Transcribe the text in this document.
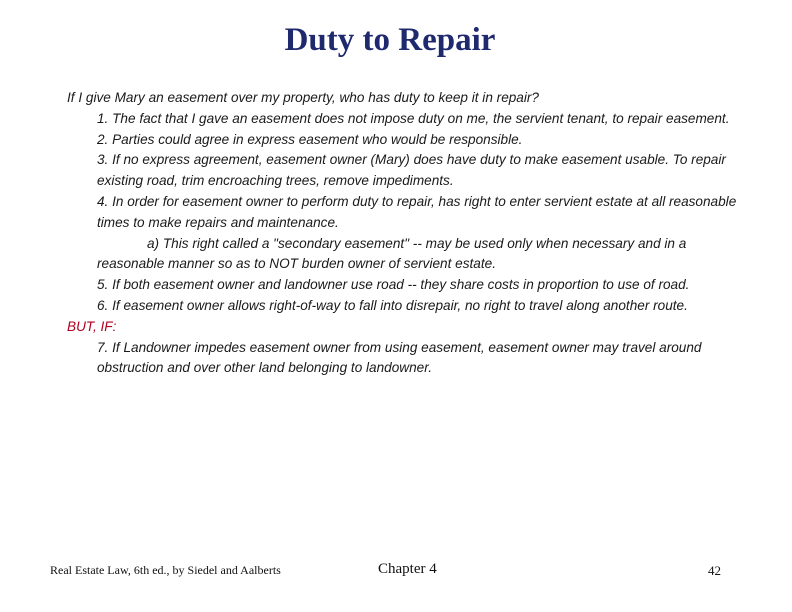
Duty to Repair

If I give Mary an easement over my property, who has duty to keep it in repair?

1. The fact that I gave an easement does not impose duty on me, the servient tenant, to repair easement.

2. Parties could agree in express easement who would be responsible.

3. If no express agreement, easement owner (Mary) does have duty to make easement usable. To repair existing road, trim encroaching trees, remove impediments.

4. In order for easement owner to perform duty to repair, has right to enter servient estate at all reasonable times to make repairs and maintenance.

a) This right called a "secondary easement" -- may be used only when necessary and in a reasonable manner so as to NOT burden owner of servient estate.

5. If both easement owner and landowner use road -- they share costs in proportion to use of road.

6. If easement owner allows right-of-way to fall into disrepair, no right to travel along another route.

BUT, IF:

7. If Landowner impedes easement owner from using easement, easement owner may travel around obstruction and over other land belonging to landowner.

Real Estate Law, 6th ed., by Siedel and Aalberts	Chapter 4	42
